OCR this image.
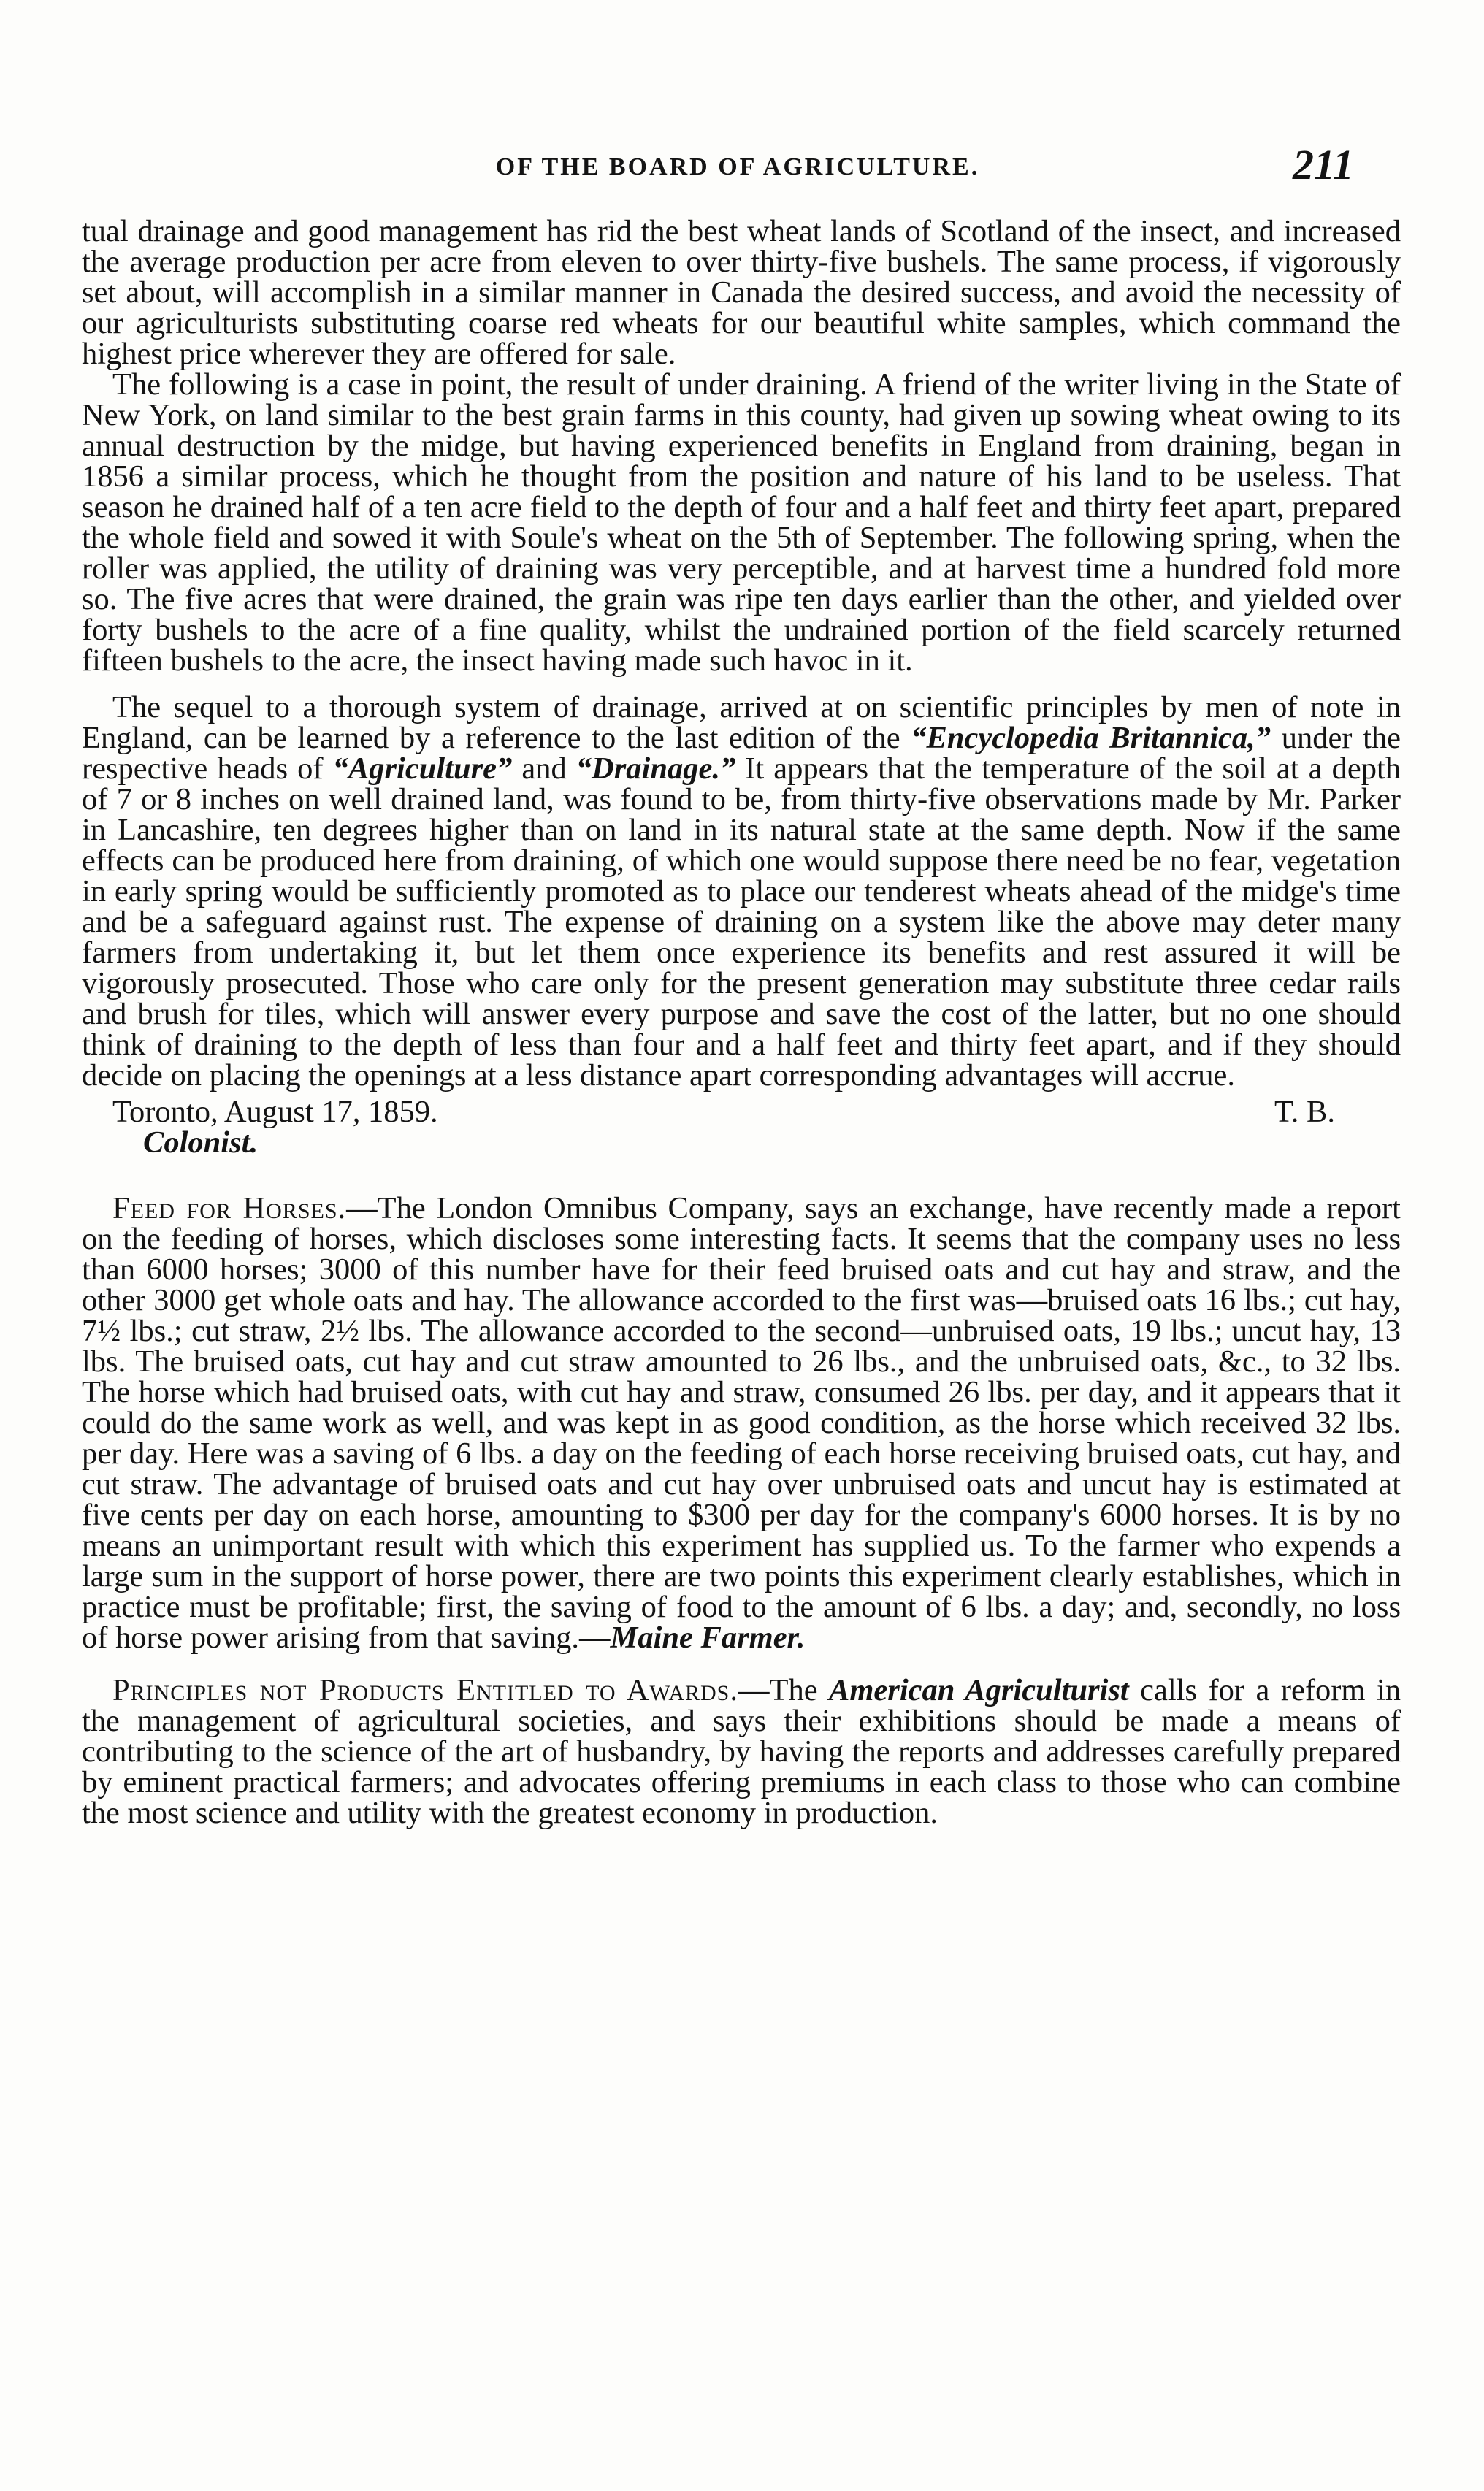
OF THE BOARD OF AGRICULTURE.	211

tual drainage and good management has rid the best wheat lands of Scotland of the insect, and increased the average production per acre from eleven to over thirty-five bushels. The same process, if vigorously set about, will accomplish in a similar manner in Canada the desired success, and avoid the necessity of our agriculturists substituting coarse red wheats for our beautiful white samples, which command the highest price wherever they are offered for sale.

The following is a case in point, the result of under draining. A friend of the writer living in the State of New York, on land similar to the best grain farms in this county, had given up sowing wheat owing to its annual destruction by the midge, but having experienced benefits in England from draining, began in 1856 a similar process, which he thought from the position and nature of his land to be useless. That season he drained half of a ten acre field to the depth of four and a half feet and thirty feet apart, prepared the whole field and sowed it with Soule's wheat on the 5th of September. The following spring, when the roller was applied, the utility of draining was very perceptible, and at harvest time a hundred fold more so. The five acres that were drained, the grain was ripe ten days earlier than the other, and yielded over forty bushels to the acre of a fine quality, whilst the undrained portion of the field scarcely returned fifteen bushels to the acre, the insect having made such havoc in it.

The sequel to a thorough system of drainage, arrived at on scientific principles by men of note in England, can be learned by a reference to the last edition of the “Encyclopedia Britannica,” under the respective heads of “Agriculture” and “Drainage.” It appears that the temperature of the soil at a depth of 7 or 8 inches on well drained land, was found to be, from thirty-five observations made by Mr. Parker in Lancashire, ten degrees higher than on land in its natural state at the same depth. Now if the same effects can be produced here from draining, of which one would suppose there need be no fear, vegetation in early spring would be sufficiently promoted as to place our tenderest wheats ahead of the midge's time and be a safeguard against rust. The expense of draining on a system like the above may deter many farmers from undertaking it, but let them once experience its benefits and rest assured it will be vigorously prosecuted. Those who care only for the present generation may substitute three cedar rails and brush for tiles, which will answer every purpose and save the cost of the latter, but no one should think of draining to the depth of less than four and a half feet and thirty feet apart, and if they should decide on placing the openings at a less distance apart corresponding advantages will accrue.

Toronto, August 17, 1859.	T. B.
Colonist.

Feed for Horses.—The London Omnibus Company, says an exchange, have recently made a report on the feeding of horses, which discloses some interesting facts. It seems that the company uses no less than 6000 horses; 3000 of this number have for their feed bruised oats and cut hay and straw, and the other 3000 get whole oats and hay. The allowance accorded to the first was—bruised oats 16 lbs.; cut hay, 7½ lbs.; cut straw, 2½ lbs. The allowance accorded to the second—unbruised oats, 19 lbs.; uncut hay, 13 lbs. The bruised oats, cut hay and cut straw amounted to 26 lbs., and the unbruised oats, &c., to 32 lbs. The horse which had bruised oats, with cut hay and straw, consumed 26 lbs. per day, and it appears that it could do the same work as well, and was kept in as good condition, as the horse which received 32 lbs. per day. Here was a saving of 6 lbs. a day on the feeding of each horse receiving bruised oats, cut hay, and cut straw. The advantage of bruised oats and cut hay over unbruised oats and uncut hay is estimated at five cents per day on each horse, amounting to $300 per day for the company's 6000 horses. It is by no means an unimportant result with which this experiment has supplied us. To the farmer who expends a large sum in the support of horse power, there are two points this experiment clearly establishes, which in practice must be profitable; first, the saving of food to the amount of 6 lbs. a day; and, secondly, no loss of horse power arising from that saving.—Maine Farmer.

Principles not Products Entitled to Awards.—The American Agriculturist calls for a reform in the management of agricultural societies, and says their exhibitions should be made a means of contributing to the science of the art of husbandry, by having the reports and addresses carefully prepared by eminent practical farmers; and advocates offering premiums in each class to those who can combine the most science and utility with the greatest economy in production.
